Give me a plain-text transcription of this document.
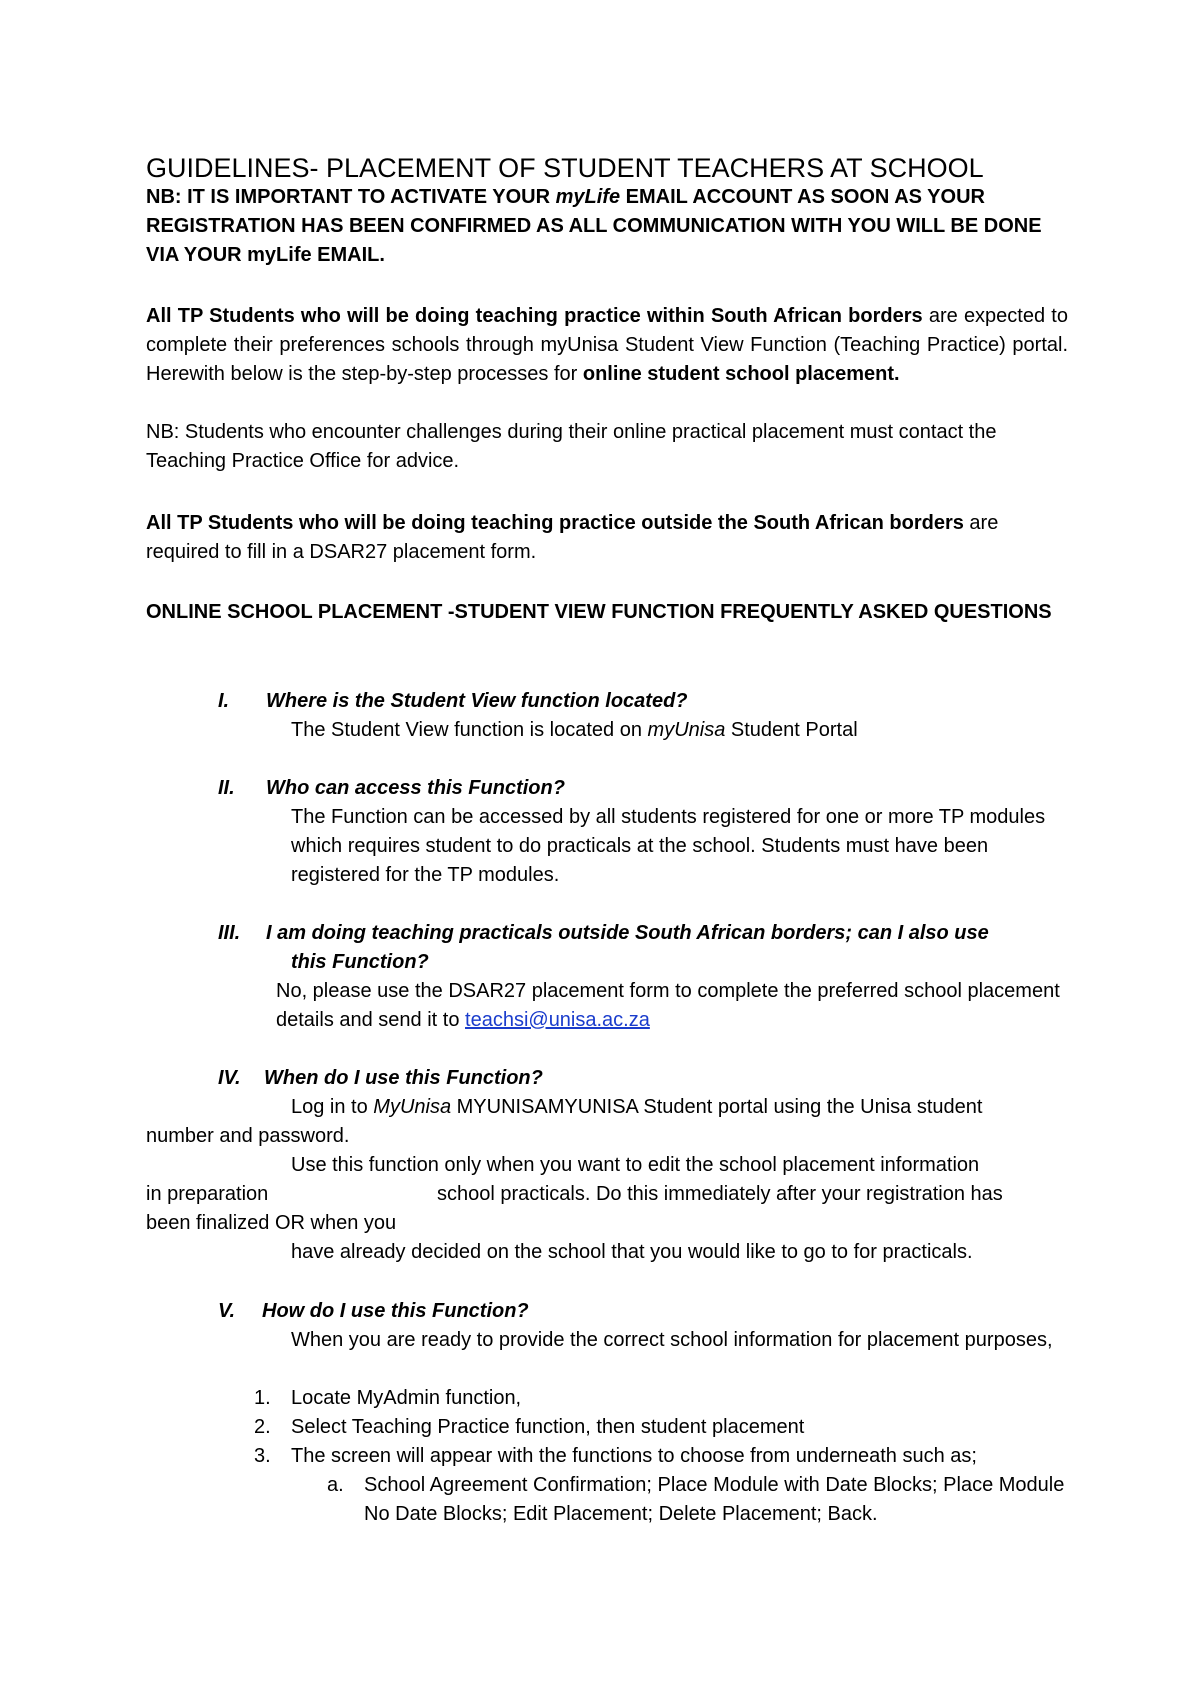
GUIDELINES- PLACEMENT OF STUDENT TEACHERS AT SCHOOL
NB: IT IS IMPORTANT TO ACTIVATE YOUR myLife EMAIL ACCOUNT AS SOON AS YOUR REGISTRATION HAS BEEN CONFIRMED AS ALL COMMUNICATION WITH YOU WILL BE DONE VIA YOUR myLife EMAIL.
All TP Students who will be doing teaching practice within South African borders are expected to complete their preferences schools through myUnisa Student View Function (Teaching Practice) portal. Herewith below is the step-by-step processes for online student school placement.
NB: Students who encounter challenges during their online practical placement must contact the Teaching Practice Office for advice.
All TP Students who will be doing teaching practice outside the South African borders are required to fill in a DSAR27 placement form.
ONLINE SCHOOL PLACEMENT -STUDENT VIEW FUNCTION FREQUENTLY ASKED QUESTIONS
I. Where is the Student View function located?
The Student View function is located on myUnisa Student Portal
II. Who can access this Function?
The Function can be accessed by all students registered for one or more TP modules which requires student to do practicals at the school. Students must have been registered for the TP modules.
III. I am doing teaching practicals outside South African borders; can I also use
this Function?
No, please use the DSAR27 placement form to complete the preferred school placement details and send it to teachsi@unisa.ac.za
IV. When do I use this Function?
Log in to MyUnisa MYUNISAMYUNISA Student portal using the Unisa student
number and password.
Use this function only when you want to edit the school placement information
in preparation	school practicals. Do this immediately after your registration has
been finalized OR when you
have already decided on the school that you would like to go to for practicals.
V. How do I use this Function?
When you are ready to provide the correct school information for placement purposes,
1. Locate MyAdmin function,
2. Select Teaching Practice function, then student placement
3. The screen will appear with the functions to choose from underneath such as;
a. School Agreement Confirmation; Place Module with Date Blocks; Place Module No Date Blocks; Edit Placement; Delete Placement; Back.
